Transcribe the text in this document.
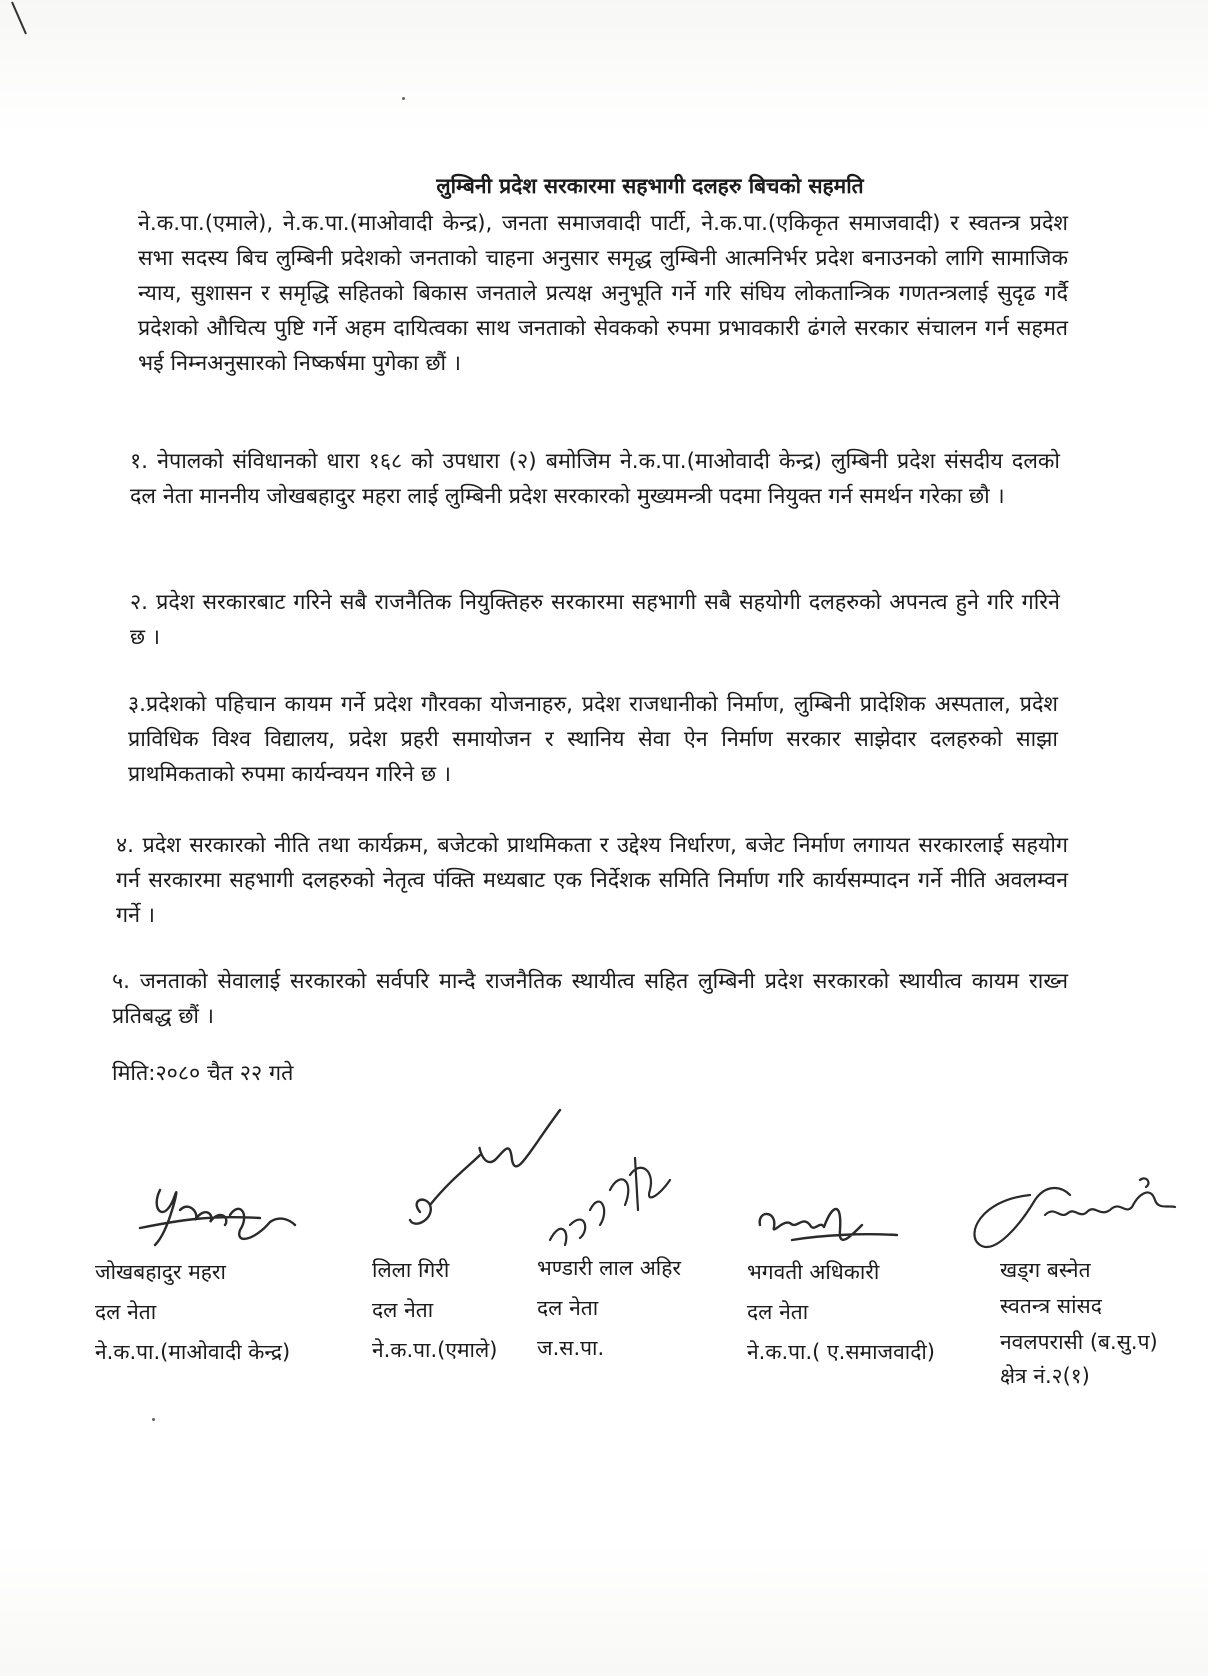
लुम्बिनी प्रदेश सरकारमा सहभागी दलहरु बिचको सहमति
ने.क.पा.(एमाले), ने.क.पा.(माओवादी केन्द्र), जनता समाजवादी पार्टी, ने.क.पा.(एकिकृत समाजवादी) र स्वतन्त्र प्रदेश सभा सदस्य बिच लुम्बिनी प्रदेशको जनताको चाहना अनुसार समृद्ध लुम्बिनी आत्मनिर्भर प्रदेश बनाउनको लागि सामाजिक न्याय, सुशासन र समृद्धि सहितको बिकास जनताले प्रत्यक्ष अनुभूति गर्ने गरि संघिय लोकतान्त्रिक गणतन्त्रलाई सुदृढ गर्दै प्रदेशको औचित्य पुष्टि गर्ने अहम दायित्वका साथ जनताको सेवकको रुपमा प्रभावकारी ढंगले सरकार संचालन गर्न सहमत भई निम्नअनुसारको निष्कर्षमा पुगेका छौं ।
१. नेपालको संविधानको धारा १६८ को उपधारा (२) बमोजिम ने.क.पा.(माओवादी केन्द्र) लुम्बिनी प्रदेश संसदीय दलको दल नेता माननीय जोखबहादुर महरा लाई लुम्बिनी प्रदेश सरकारको मुख्यमन्त्री पदमा नियुक्त गर्न समर्थन गरेका छौ ।
२. प्रदेश सरकारबाट गरिने सबै राजनैतिक नियुक्तिहरु सरकारमा सहभागी सबै सहयोगी दलहरुको अपनत्व हुने गरि गरिने छ ।
३.प्रदेशको पहिचान कायम गर्ने प्रदेश गौरवका योजनाहरु, प्रदेश राजधानीको निर्माण, लुम्बिनी प्रादेशिक अस्पताल, प्रदेश प्राविधिक विश्व विद्यालय, प्रदेश प्रहरी समायोजन र स्थानिय सेवा ऐन निर्माण सरकार साझेदार दलहरुको साझा प्राथमिकताको रुपमा कार्यन्वयन गरिने छ ।
४. प्रदेश सरकारको नीति तथा कार्यक्रम, बजेटको प्राथमिकता र उद्देश्य निर्धारण, बजेट निर्माण लगायत सरकारलाई सहयोग गर्न सरकारमा सहभागी दलहरुको नेतृत्व पंक्ति मध्यबाट एक निर्देशक समिति निर्माण गरि कार्यसम्पादन गर्ने नीति अवलम्वन गर्ने ।
५. जनताको सेवालाई सरकारको सर्वपरि मान्दै राजनैतिक स्थायीत्व सहित लुम्बिनी प्रदेश सरकारको स्थायीत्व कायम राख्न प्रतिबद्ध छौं ।
मिति:२०८० चैत २२ गते
जोखबहादुर महरा
दल नेता
ने.क.पा.(माओवादी केन्द्र)
लिला गिरी
दल नेता
ने.क.पा.(एमाले)
भण्डारी लाल अहिर
दल नेता
ज.स.पा.
भगवती अधिकारी
दल नेता
ने.क.पा.( ए.समाजवादी)
खड्ग बस्नेत
स्वतन्त्र सांसद
नवलपरासी (ब.सु.प)
क्षेत्र नं.२(१)
